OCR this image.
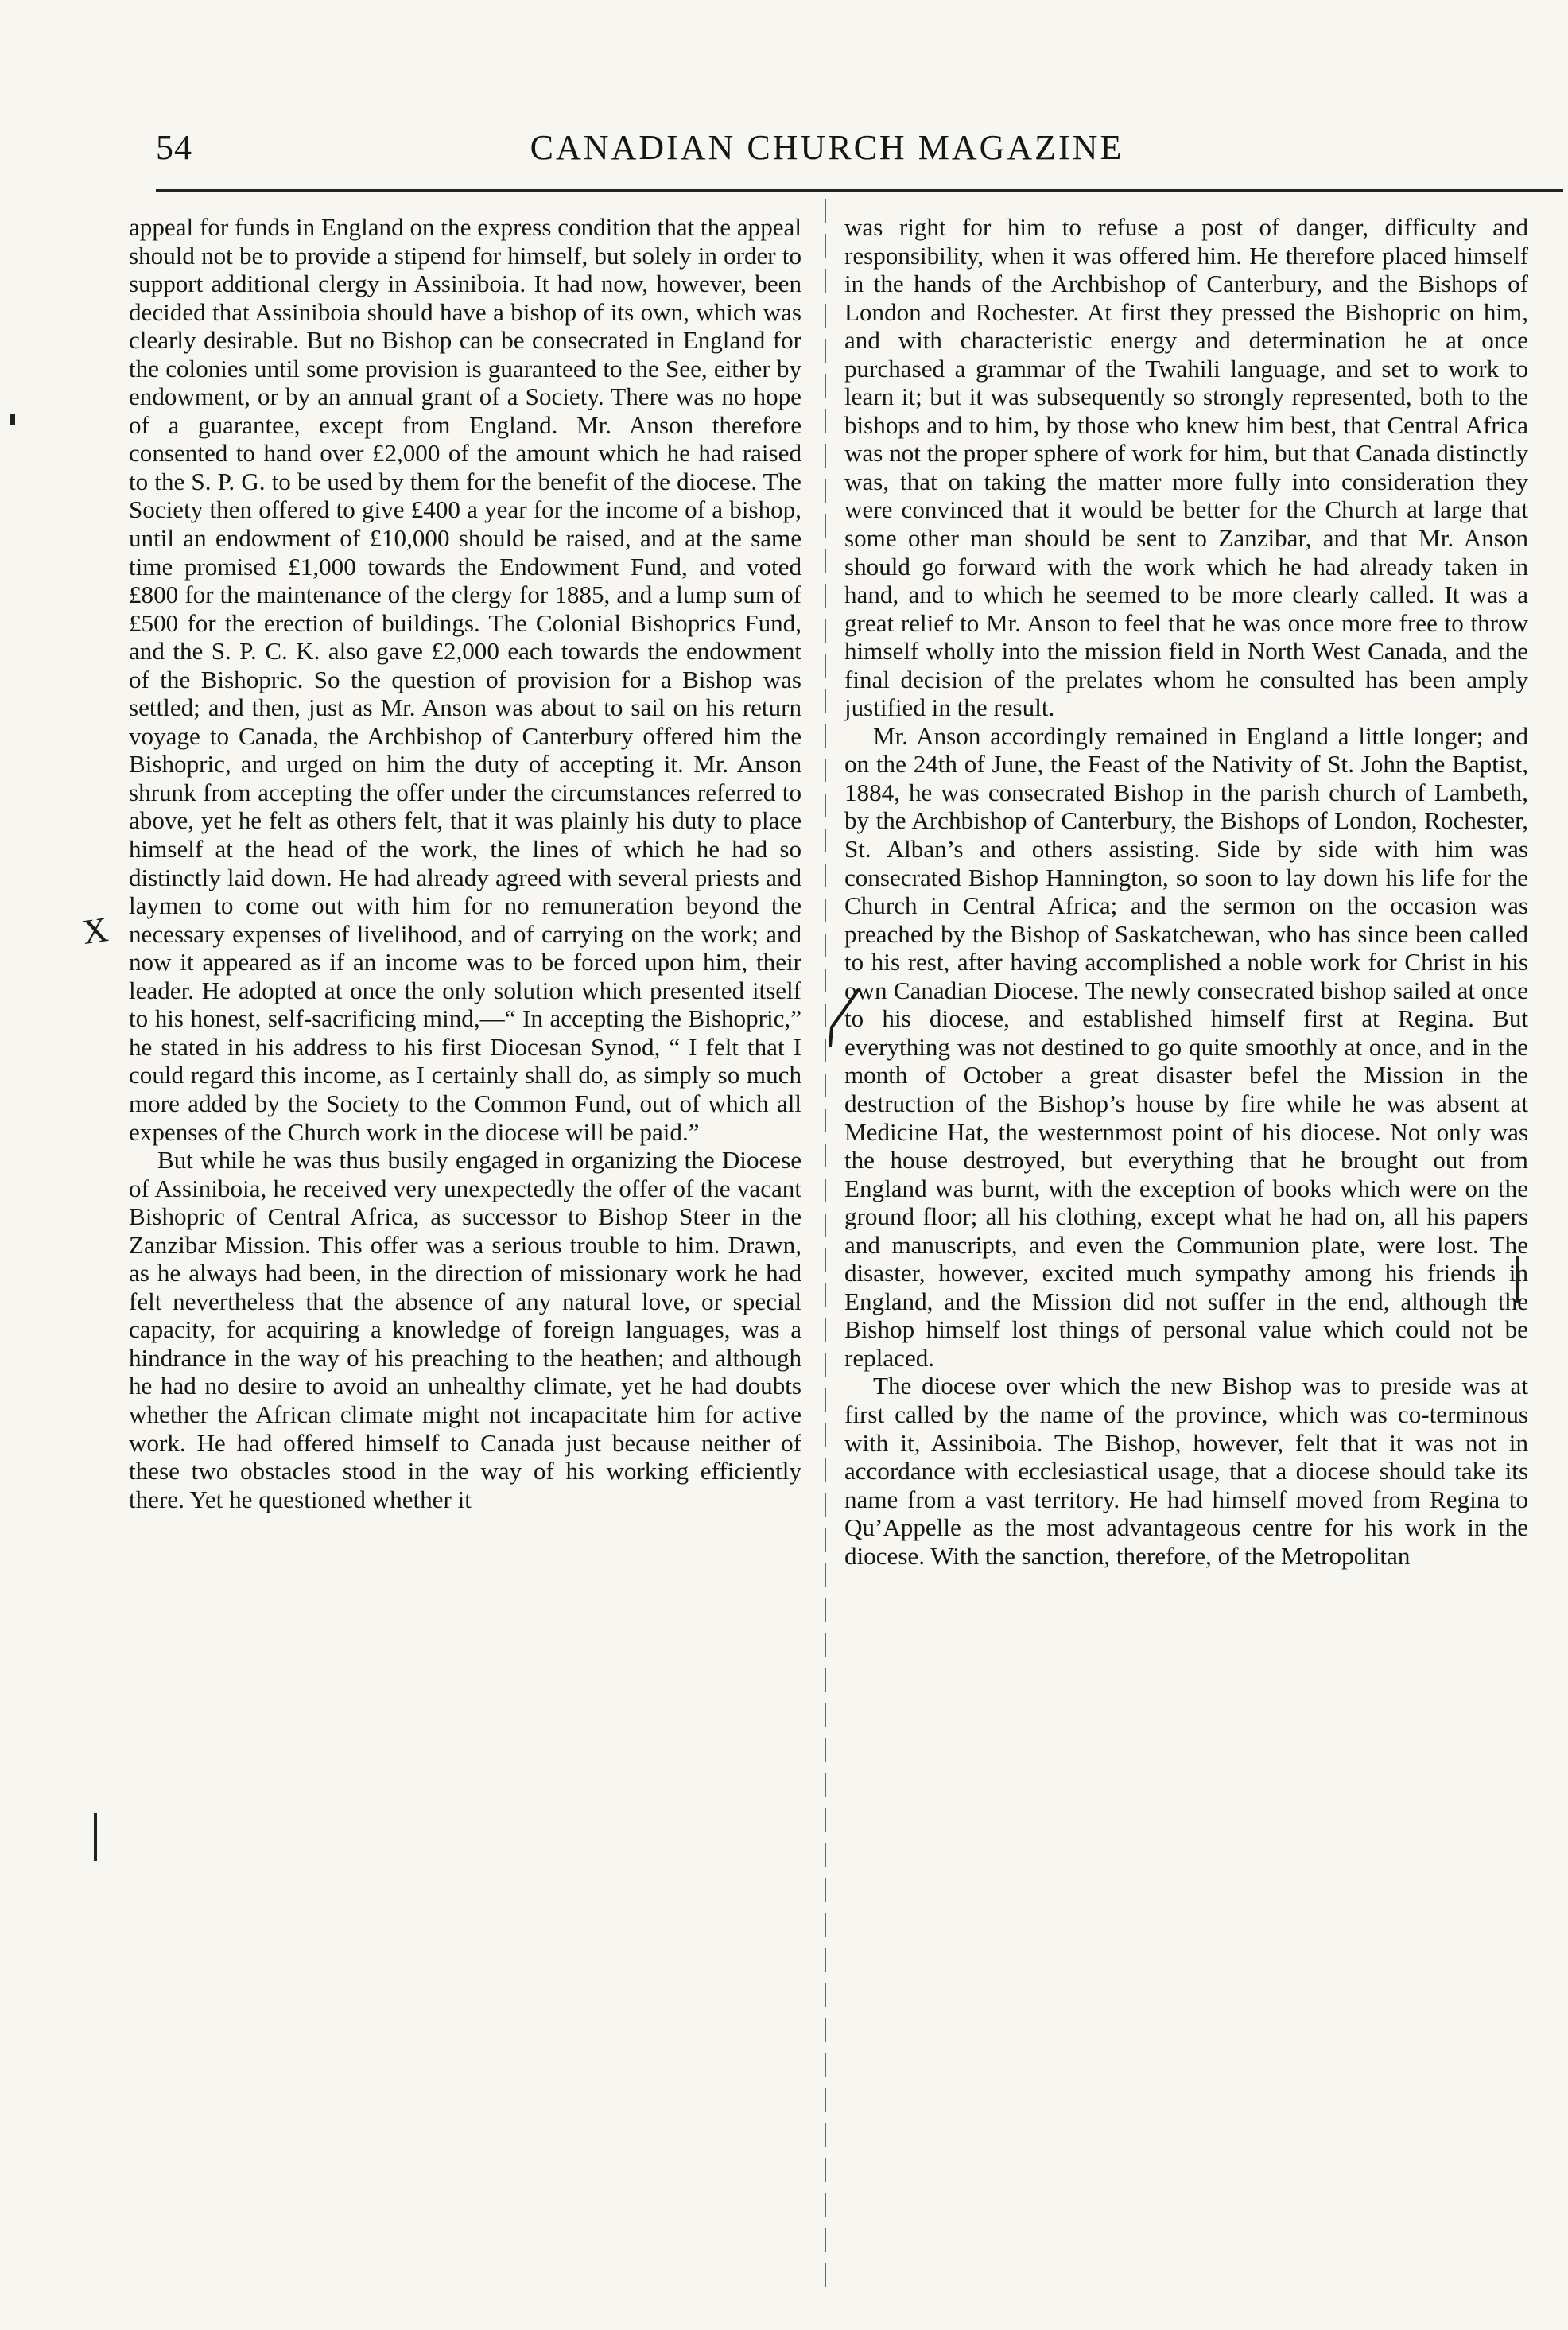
54	CANADIAN CHURCH MAGAZINE
X

appeal for funds in England on the express condition that the appeal should not be to provide a stipend for himself, but solely in order to support additional clergy in Assiniboia. It had now, however, been decided that Assiniboia should have a bishop of its own, which was clearly desirable. But no Bishop can be consecrated in England for the colonies until some provision is guaranteed to the See, either by endowment, or by an annual grant of a Society. There was no hope of a guarantee, except from England. Mr. Anson therefore consented to hand over £2,000 of the amount which he had raised to the S. P. G. to be used by them for the benefit of the diocese. The Society then offered to give £400 a year for the income of a bishop, until an endowment of £10,000 should be raised, and at the same time promised £1,000 towards the Endowment Fund, and voted £800 for the maintenance of the clergy for 1885, and a lump sum of £500 for the erection of buildings. The Colonial Bishoprics Fund, and the S. P. C. K. also gave £2,000 each towards the endowment of the Bishopric. So the question of provision for a Bishop was settled; and then, just as Mr. Anson was about to sail on his return voyage to Canada, the Archbishop of Canterbury offered him the Bishopric, and urged on him the duty of accepting it. Mr. Anson shrunk from accepting the offer under the circumstances referred to above, yet he felt as others felt, that it was plainly his duty to place himself at the head of the work, the lines of which he had so distinctly laid down. He had already agreed with several priests and laymen to come out with him for no remuneration beyond the necessary expenses of livelihood, and of carrying on the work; and now it appeared as if an income was to be forced upon him, their leader. He adopted at once the only solution which presented itself to his honest, self-sacrificing mind,—“ In accepting the Bishopric,” he stated in his address to his first Diocesan Synod, “ I felt that I could regard this income, as I certainly shall do, as simply so much more added by the Society to the Common Fund, out of which all expenses of the Church work in the diocese will be paid.”

But while he was thus busily engaged in organizing the Diocese of Assiniboia, he received very unexpectedly the offer of the vacant Bishopric of Central Africa, as successor to Bishop Steer in the Zanzibar Mission. This offer was a serious trouble to him. Drawn, as he always had been, in the direction of missionary work he had felt nevertheless that the absence of any natural love, or special capacity, for acquiring a knowledge of foreign languages, was a hindrance in the way of his preaching to the heathen; and although he had no desire to avoid an unhealthy climate, yet he had doubts whether the African climate might not incapacitate him for active work. He had offered himself to Canada just because neither of these two obstacles stood in the way of his working efficiently there. Yet he questioned whether it

was right for him to refuse a post of danger, difficulty and responsibility, when it was offered him. He therefore placed himself in the hands of the Archbishop of Canterbury, and the Bishops of London and Rochester. At first they pressed the Bishopric on him, and with characteristic energy and determination he at once purchased a grammar of the Twahili language, and set to work to learn it; but it was subsequently so strongly represented, both to the bishops and to him, by those who knew him best, that Central Africa was not the proper sphere of work for him, but that Canada distinctly was, that on taking the matter more fully into consideration they were convinced that it would be better for the Church at large that some other man should be sent to Zanzibar, and that Mr. Anson should go forward with the work which he had already taken in hand, and to which he seemed to be more clearly called. It was a great relief to Mr. Anson to feel that he was once more free to throw himself wholly into the mission field in North West Canada, and the final decision of the prelates whom he consulted has been amply justified in the result.

Mr. Anson accordingly remained in England a little longer; and on the 24th of June, the Feast of the Nativity of St. John the Baptist, 1884, he was consecrated Bishop in the parish church of Lambeth, by the Archbishop of Canterbury, the Bishops of London, Rochester, St. Alban’s and others assisting. Side by side with him was consecrated Bishop Hannington, so soon to lay down his life for the Church in Central Africa; and the sermon on the occasion was preached by the Bishop of Saskatchewan, who has since been called to his rest, after having accomplished a noble work for Christ in his own Canadian Diocese. The newly consecrated bishop sailed at once to his diocese, and established himself first at Regina. But everything was not destined to go quite smoothly at once, and in the month of October a great disaster befel the Mission in the destruction of the Bishop’s house by fire while he was absent at Medicine Hat, the westernmost point of his diocese. Not only was the house destroyed, but everything that he brought out from England was burnt, with the exception of books which were on the ground floor; all his clothing, except what he had on, all his papers and manuscripts, and even the Communion plate, were lost. The disaster, however, excited much sympathy among his friends in England, and the Mission did not suffer in the end, although the Bishop himself lost things of personal value which could not be replaced.

The diocese over which the new Bishop was to preside was at first called by the name of the province, which was co-terminous with it, Assiniboia. The Bishop, however, felt that it was not in accordance with ecclesiastical usage, that a diocese should take its name from a vast territory. He had himself moved from Regina to Qu’Appelle as the most advantageous centre for his work in the diocese. With the sanction, therefore, of the Metropolitan
